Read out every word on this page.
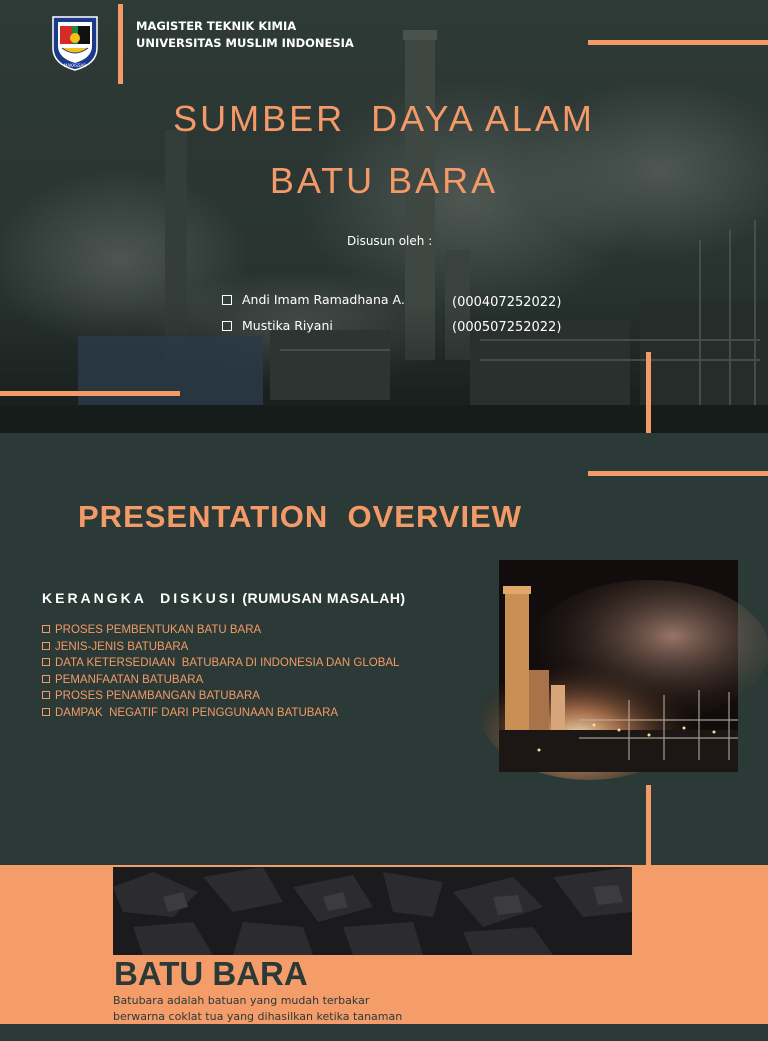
MAKASSAR
MAGISTER TEKNIK KIMIA
UNIVERSITAS MUSLIM INDONESIA
SUMBER  DAYA ALAM
BATU BARA
Disusun oleh :
Andi Imam Ramadhana A.	(000407252022)
Mustika Riyani	(000507252022)
PRESENTATION  OVERVIEW
KERANGKA  DISKUSI (RUMUSAN MASALAH)
PROSES PEMBENTUKAN BATU BARA
JENIS-JENIS BATUBARA
DATA KETERSEDIAAN  BATUBARA DI INDONESIA DAN GLOBAL
PEMANFAATAN BATUBARA
PROSES PENAMBANGAN BATUBARA
DAMPAK  NEGATIF DARI PENGGUNAAN BATUBARA
BATU BARA
Batubara adalah batuan yang mudah terbakar berwarna coklat tua yang dihasilkan ketika tanaman darat dan air
